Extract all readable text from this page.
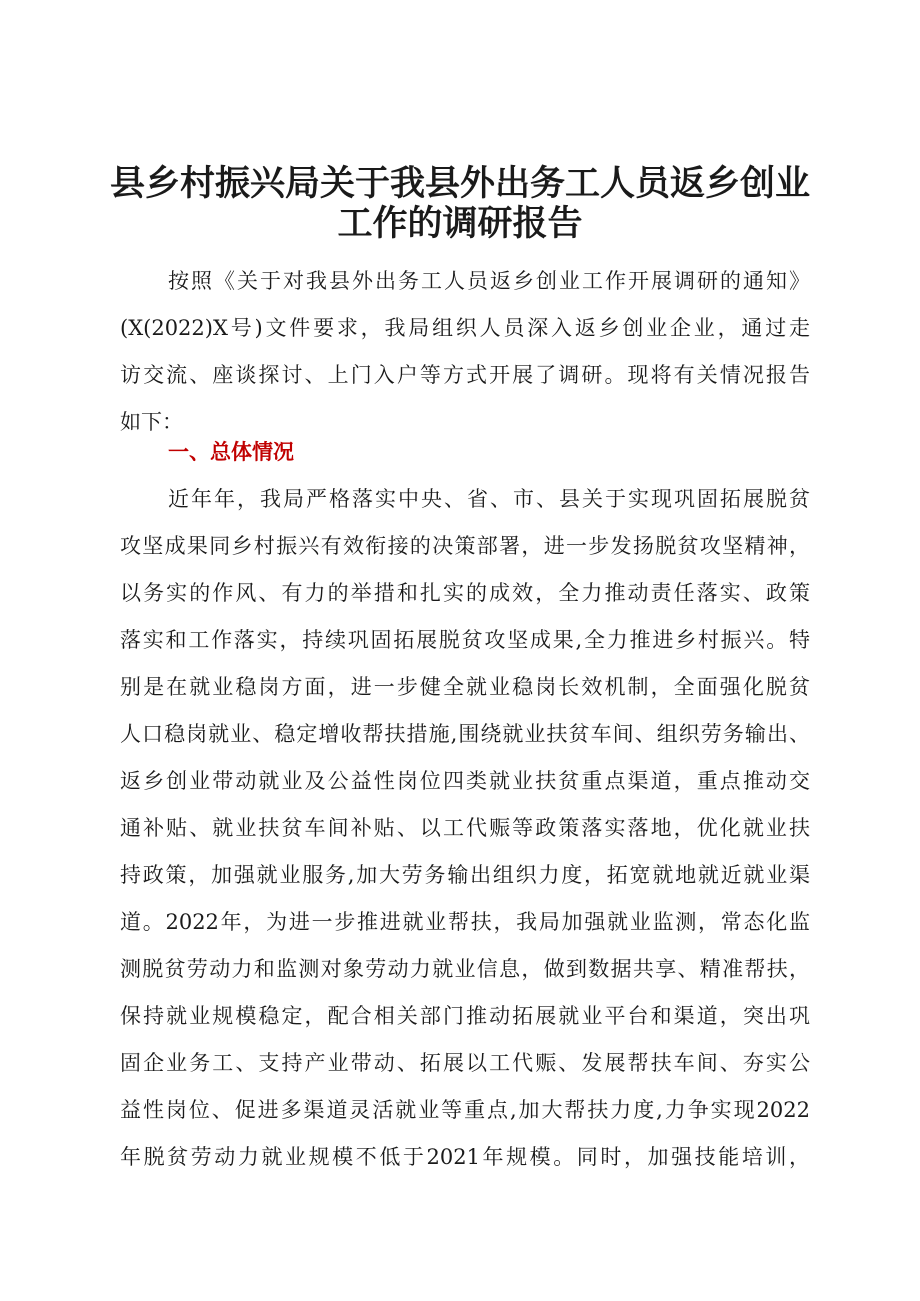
县乡村振兴局关于我县外出务工人员返乡创业
工作的调研报告
按照《关于对我县外出务工人员返乡创业工作开展调研的通知》
(X(2022)X号)文件要求，我局组织人员深入返乡创业企业，通过走
访交流、座谈探讨、上门入户等方式开展了调研。现将有关情况报告
如下：
一、总体情况
近年年，我局严格落实中央、省、市、县关于实现巩固拓展脱贫
攻坚成果同乡村振兴有效衔接的决策部署，进一步发扬脱贫攻坚精神，
以务实的作风、有力的举措和扎实的成效，全力推动责任落实、政策
落实和工作落实，持续巩固拓展脱贫攻坚成果,全力推进乡村振兴。特
别是在就业稳岗方面，进一步健全就业稳岗长效机制，全面强化脱贫
人口稳岗就业、稳定增收帮扶措施,围绕就业扶贫车间、组织劳务输出、
返乡创业带动就业及公益性岗位四类就业扶贫重点渠道，重点推动交
通补贴、就业扶贫车间补贴、以工代赈等政策落实落地，优化就业扶
持政策，加强就业服务,加大劳务输出组织力度，拓宽就地就近就业渠
道。2022年，为进一步推进就业帮扶，我局加强就业监测，常态化监
测脱贫劳动力和监测对象劳动力就业信息，做到数据共享、精准帮扶，
保持就业规模稳定，配合相关部门推动拓展就业平台和渠道，突出巩
固企业务工、支持产业带动、拓展以工代赈、发展帮扶车间、夯实公
益性岗位、促进多渠道灵活就业等重点,加大帮扶力度,力争实现2022
年脱贫劳动力就业规模不低于2021年规模。同时，加强技能培训，
